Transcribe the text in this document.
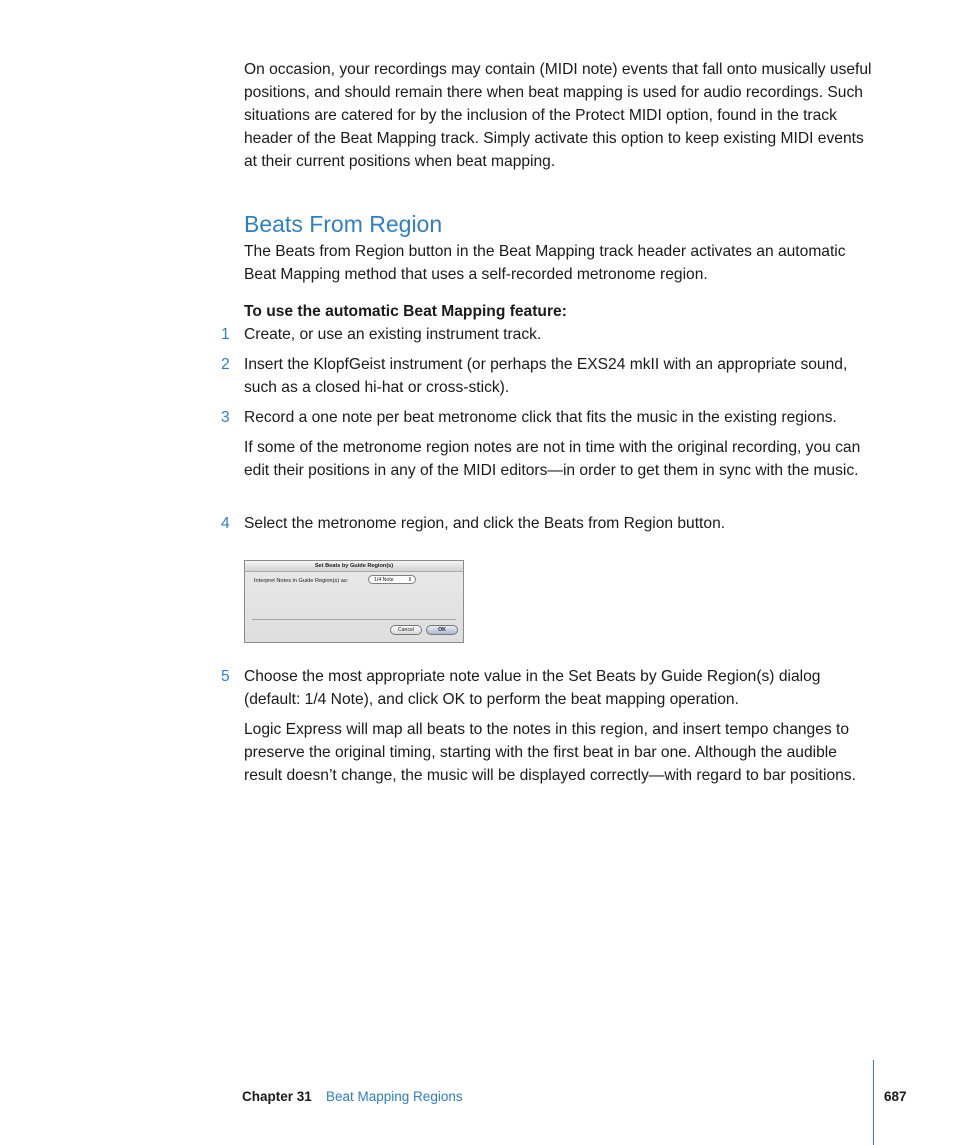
On occasion, your recordings may contain (MIDI note) events that fall onto musically useful positions, and should remain there when beat mapping is used for audio recordings. Such situations are catered for by the inclusion of the Protect MIDI option, found in the track header of the Beat Mapping track. Simply activate this option to keep existing MIDI events at their current positions when beat mapping.

Beats From Region

The Beats from Region button in the Beat Mapping track header activates an automatic Beat Mapping method that uses a self-recorded metronome region.

To use the automatic Beat Mapping feature:

1 Create, or use an existing instrument track.
2 Insert the KlopfGeist instrument (or perhaps the EXS24 mkII with an appropriate sound, such as a closed hi-hat or cross-stick).
3 Record a one note per beat metronome click that fits the music in the existing regions.

If some of the metronome region notes are not in time with the original recording, you can edit their positions in any of the MIDI editors—in order to get them in sync with the music.

4 Select the metronome region, and click the Beats from Region button.
Set Beats by Guide Region(s)
Interpret Notes in Guide Region(s) as:	1/4 Note	⇕
Cancel	OK
5 Choose the most appropriate note value in the Set Beats by Guide Region(s) dialog (default: 1/4 Note), and click OK to perform the beat mapping operation.

Logic Express will map all beats to the notes in this region, and insert tempo changes to preserve the original timing, starting with the first beat in bar one. Although the audible result doesn’t change, the music will be displayed correctly—with regard to bar positions.

Chapter 31 Beat Mapping Regions	687
